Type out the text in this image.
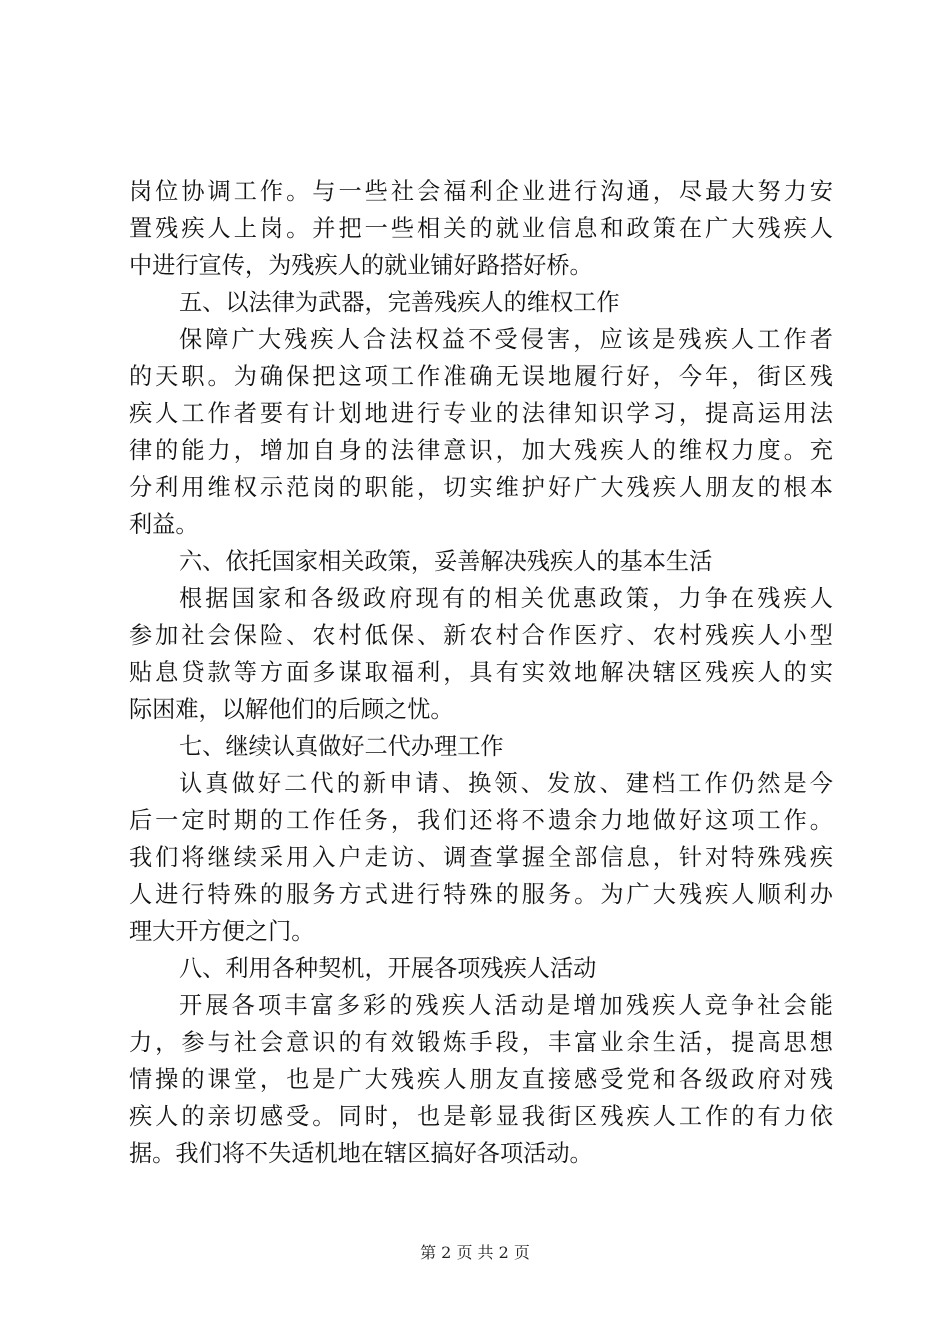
岗位协调工作。与一些社会福利企业进行沟通，尽最大努力安
置残疾人上岗。并把一些相关的就业信息和政策在广大残疾人
中进行宣传，为残疾人的就业铺好路搭好桥。
五、以法律为武器，完善残疾人的维权工作
保障广大残疾人合法权益不受侵害，应该是残疾人工作者
的天职。为确保把这项工作准确无误地履行好，今年，街区残
疾人工作者要有计划地进行专业的法律知识学习，提高运用法
律的能力，增加自身的法律意识，加大残疾人的维权力度。充
分利用维权示范岗的职能，切实维护好广大残疾人朋友的根本
利益。
六、依托国家相关政策，妥善解决残疾人的基本生活
根据国家和各级政府现有的相关优惠政策，力争在残疾人
参加社会保险、农村低保、新农村合作医疗、农村残疾人小型
贴息贷款等方面多谋取福利，具有实效地解决辖区残疾人的实
际困难，以解他们的后顾之忧。
七、继续认真做好二代办理工作
认真做好二代的新申请、换领、发放、建档工作仍然是今
后一定时期的工作任务，我们还将不遗余力地做好这项工作。
我们将继续采用入户走访、调查掌握全部信息，针对特殊残疾
人进行特殊的服务方式进行特殊的服务。为广大残疾人顺利办
理大开方便之门。
八、利用各种契机，开展各项残疾人活动
开展各项丰富多彩的残疾人活动是增加残疾人竞争社会能
力，参与社会意识的有效锻炼手段，丰富业余生活，提高思想
情操的课堂，也是广大残疾人朋友直接感受党和各级政府对残
疾人的亲切感受。同时，也是彰显我街区残疾人工作的有力依
据。我们将不失适机地在辖区搞好各项活动。
第 2 页 共 2 页
